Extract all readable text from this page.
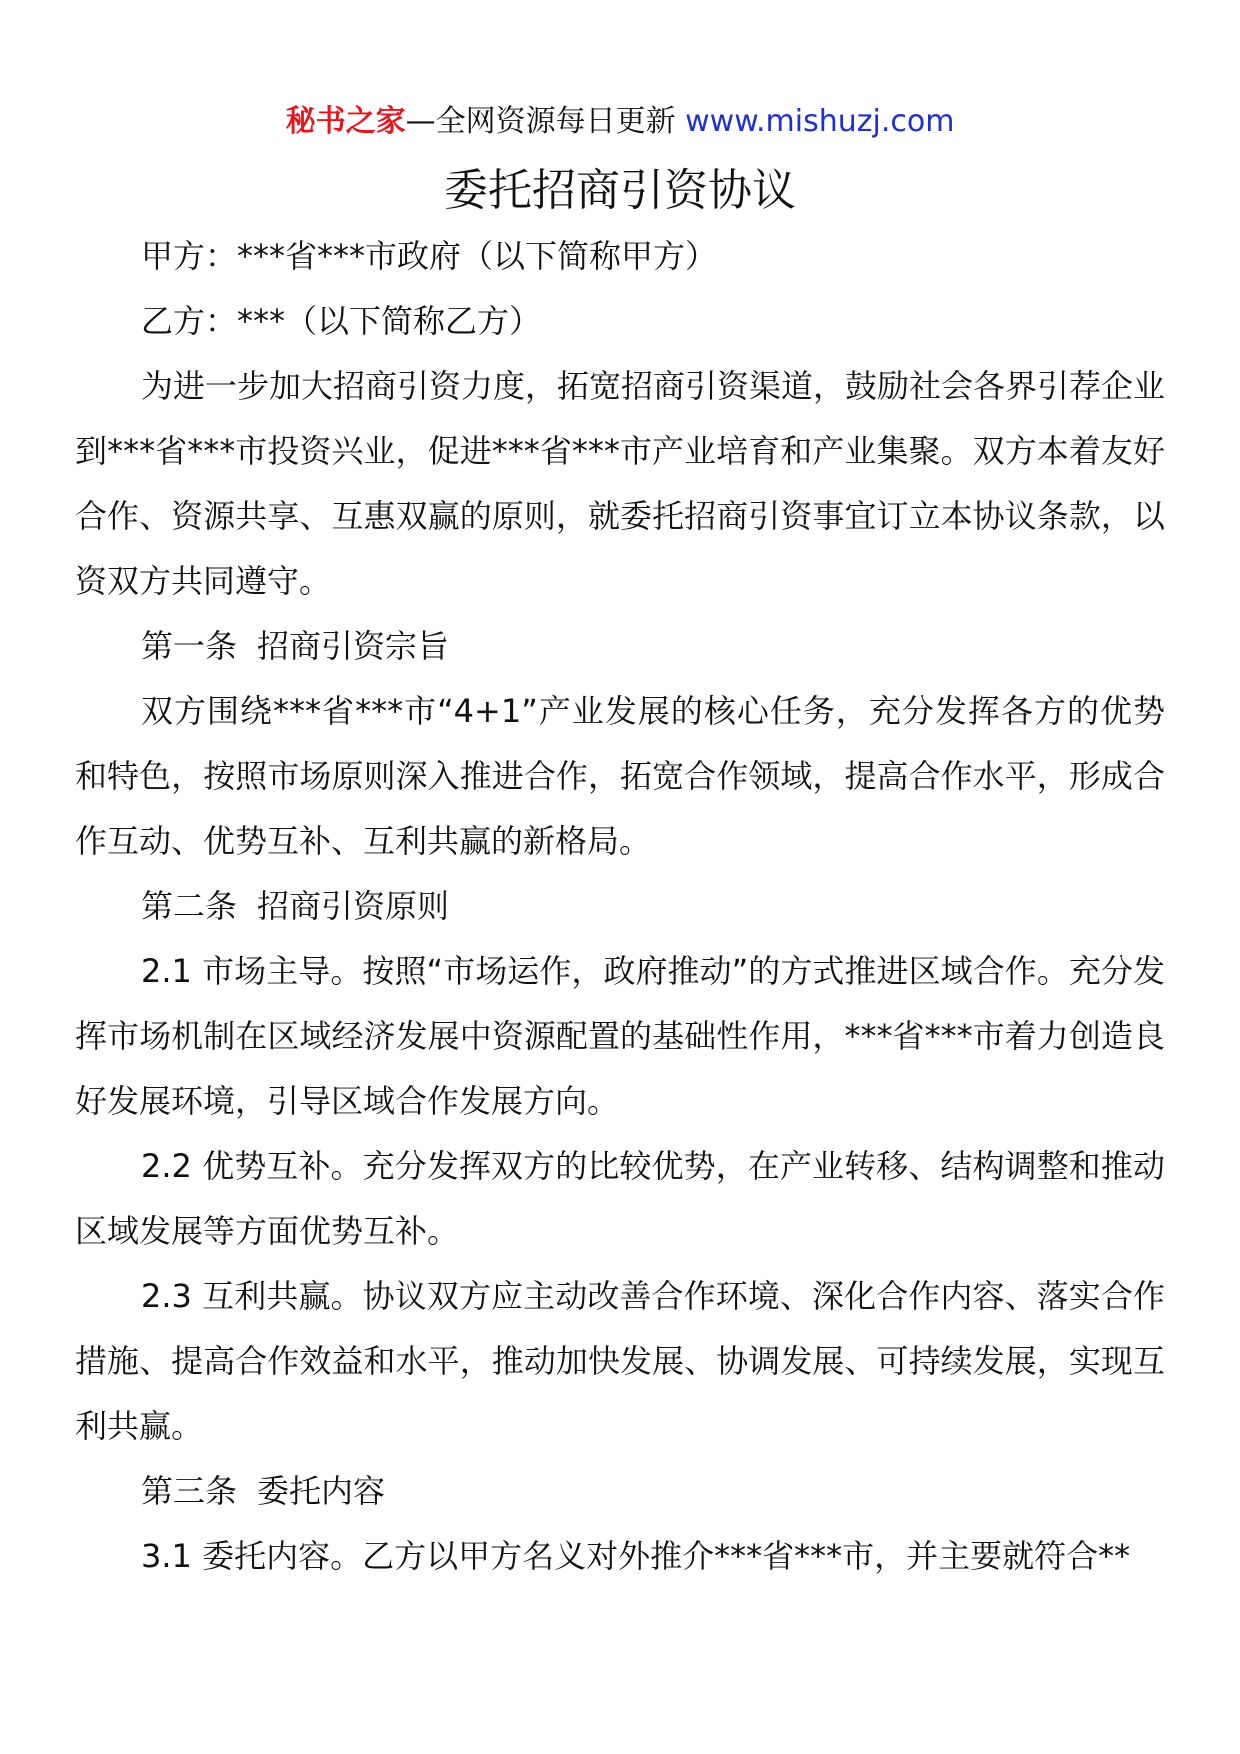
秘书之家—全网资源每日更新 www.mishuzj.com
委托招商引资协议

甲方：***省***市政府（以下简称甲方）

乙方：***（以下简称乙方）

为进一步加大招商引资力度，拓宽招商引资渠道，鼓励社会各界引荐企业到***省***市投资兴业，促进***省***市产业培育和产业集聚。双方本着友好合作、资源共享、互惠双赢的原则，就委托招商引资事宜订立本协议条款，以资双方共同遵守。

第一条 招商引资宗旨

双方围绕***省***市“4+1”产业发展的核心任务，充分发挥各方的优势和特色，按照市场原则深入推进合作，拓宽合作领域，提高合作水平，形成合作互动、优势互补、互利共赢的新格局。

第二条 招商引资原则

2.1 市场主导。按照“市场运作，政府推动”的方式推进区域合作。充分发挥市场机制在区域经济发展中资源配置的基础性作用，***省***市着力创造良好发展环境，引导区域合作发展方向。

2.2 优势互补。充分发挥双方的比较优势，在产业转移、结构调整和推动区域发展等方面优势互补。

2.3 互利共赢。协议双方应主动改善合作环境、深化合作内容、落实合作措施、提高合作效益和水平，推动加快发展、协调发展、可持续发展，实现互利共赢。

第三条 委托内容

3.1 委托内容。乙方以甲方名义对外推介***省***市，并主要就符合**
